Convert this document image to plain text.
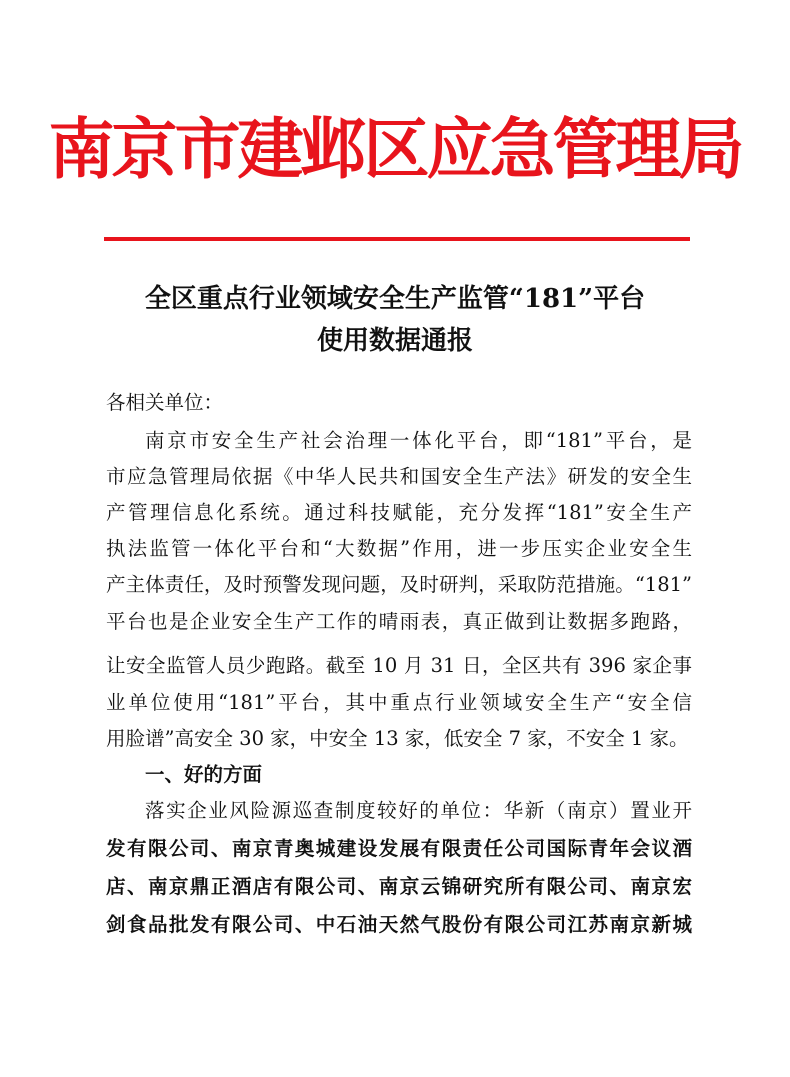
南京市建邺区应急管理局
全区重点行业领域安全生产监管“181”平台
使用数据通报
各相关单位：
南京市安全生产社会治理一体化平台，即“181”平台，是
市应急管理局依据《中华人民共和国安全生产法》研发的安全生
产管理信息化系统。通过科技赋能，充分发挥“181”安全生产
执法监管一体化平台和“大数据”作用，进一步压实企业安全生
产主体责任，及时预警发现问题，及时研判，采取防范措施。“181”
平台也是企业安全生产工作的晴雨表，真正做到让数据多跑路，
让安全监管人员少跑路。截至 10 月 31 日，全区共有 396 家企事
业单位使用“181”平台，其中重点行业领域安全生产“安全信
用脸谱”高安全 30 家，中安全 13 家，低安全 7 家，不安全 1 家。
一、好的方面
落实企业风险源巡查制度较好的单位：华新（南京）置业开
发有限公司、南京青奥城建设发展有限责任公司国际青年会议酒
店、南京鼎正酒店有限公司、南京云锦研究所有限公司、南京宏
剑食品批发有限公司、中石油天然气股份有限公司江苏南京新城
